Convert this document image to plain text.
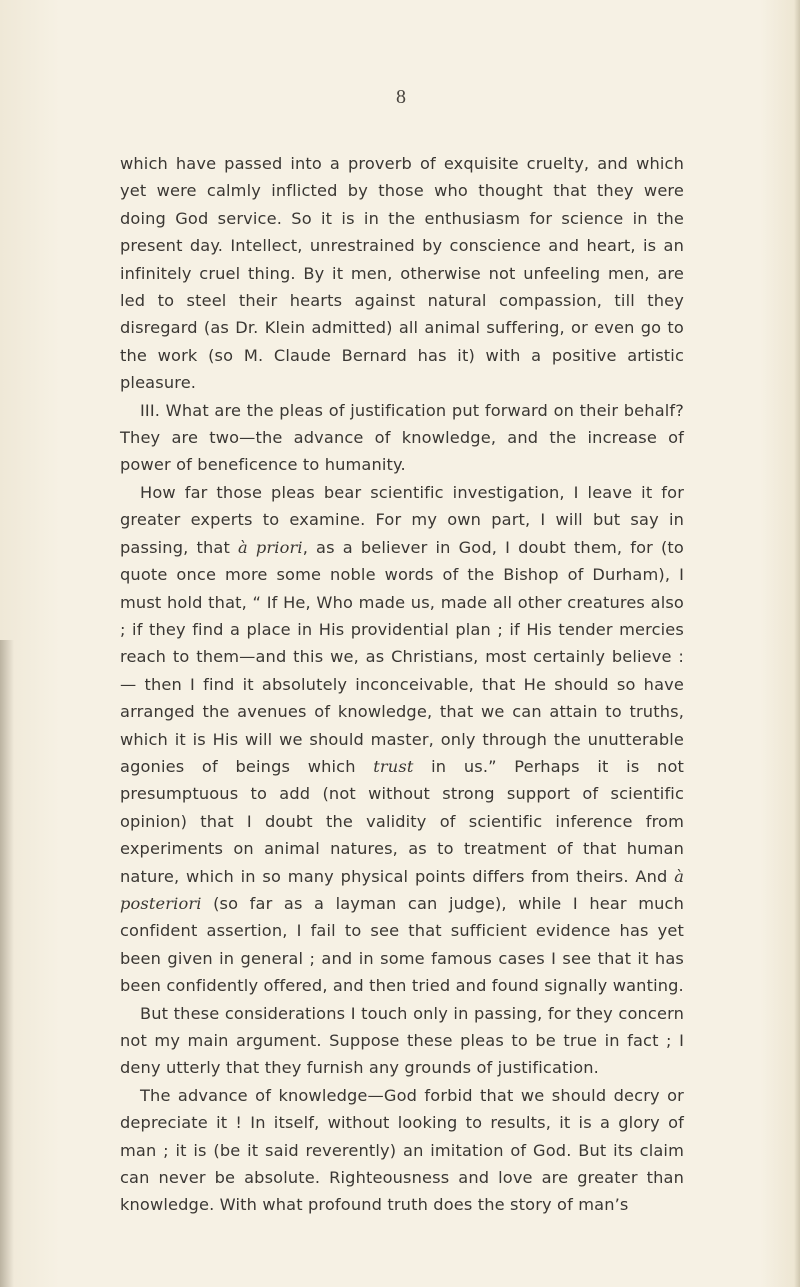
8

which have passed into a proverb of exquisite cruelty, and which yet were calmly inflicted by those who thought that they were doing God service. So it is in the enthusiasm for science in the present day. Intellect, unrestrained by conscience and heart, is an infinitely cruel thing. By it men, otherwise not unfeeling men, are led to steel their hearts against natural compassion, till they disregard (as Dr. Klein admitted) all animal suffering, or even go to the work (so M. Claude Bernard has it) with a positive artistic pleasure.

III. What are the pleas of justification put forward on their behalf? They are two—the advance of knowledge, and the increase of power of beneficence to humanity.

How far those pleas bear scientific investigation, I leave it for greater experts to examine. For my own part, I will but say in passing, that à priori, as a believer in God, I doubt them, for (to quote once more some noble words of the Bishop of Durham), I must hold that, “ If He, Who made us, made all other creatures also ; if they find a place in His providential plan ; if His tender mercies reach to them—and this we, as Christians, most certainly believe :— then I find it absolutely inconceivable, that He should so have arranged the avenues of knowledge, that we can attain to truths, which it is His will we should master, only through the unutterable agonies of beings which trust in us.” Perhaps it is not presumptuous to add (not without strong support of scientific opinion) that I doubt the validity of scientific inference from experiments on animal natures, as to treatment of that human nature, which in so many physical points differs from theirs. And à posteriori (so far as a layman can judge), while I hear much confident assertion, I fail to see that sufficient evidence has yet been given in general ; and in some famous cases I see that it has been confidently offered, and then tried and found signally wanting.

But these considerations I touch only in passing, for they concern not my main argument. Suppose these pleas to be true in fact ; I deny utterly that they furnish any grounds of justification.

The advance of knowledge—God forbid that we should decry or depreciate it ! In itself, without looking to results, it is a glory of man ; it is (be it said reverently) an imitation of God. But its claim can never be absolute. Righteousness and love are greater than knowledge. With what profound truth does the story of man’s
